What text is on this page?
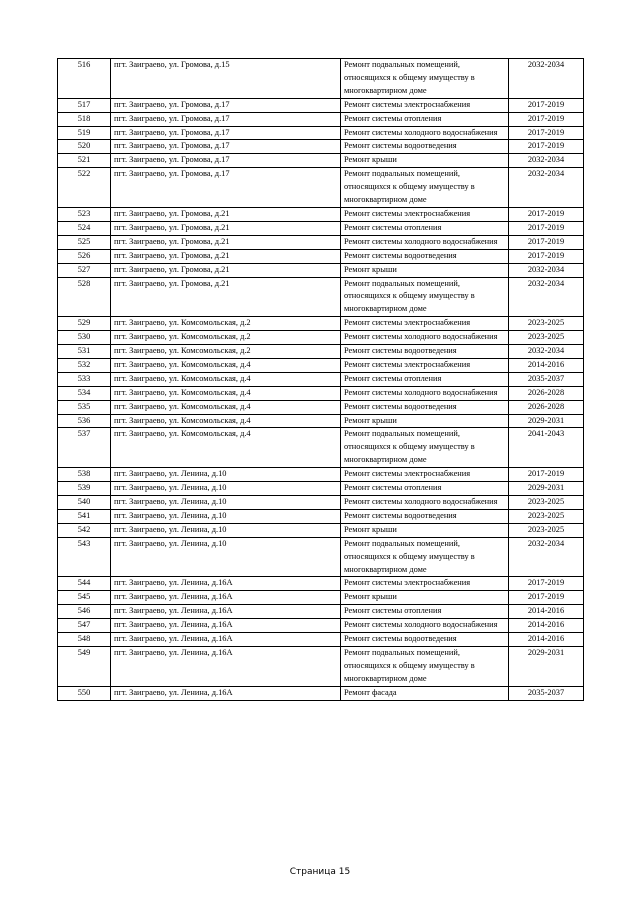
516	пгт. Заиграево, ул. Громова, д.15	Ремонт подвальных помещений, относящихся к общему имуществу в многоквартирном доме	2032-2034
517	пгт. Заиграево, ул. Громова, д.17	Ремонт системы электроснабжения	2017-2019
518	пгт. Заиграево, ул. Громова, д.17	Ремонт системы отопления	2017-2019
519	пгт. Заиграево, ул. Громова, д.17	Ремонт системы холодного водоснабжения	2017-2019
520	пгт. Заиграево, ул. Громова, д.17	Ремонт системы водоотведения	2017-2019
521	пгт. Заиграево, ул. Громова, д.17	Ремонт крыши	2032-2034
522	пгт. Заиграево, ул. Громова, д.17	Ремонт подвальных помещений, относящихся к общему имуществу в многоквартирном доме	2032-2034
523	пгт. Заиграево, ул. Громова, д.21	Ремонт системы электроснабжения	2017-2019
524	пгт. Заиграево, ул. Громова, д.21	Ремонт системы отопления	2017-2019
525	пгт. Заиграево, ул. Громова, д.21	Ремонт системы холодного водоснабжения	2017-2019
526	пгт. Заиграево, ул. Громова, д.21	Ремонт системы водоотведения	2017-2019
527	пгт. Заиграево, ул. Громова, д.21	Ремонт крыши	2032-2034
528	пгт. Заиграево, ул. Громова, д.21	Ремонт подвальных помещений, относящихся к общему имуществу в многоквартирном доме	2032-2034
529	пгт. Заиграево, ул. Комсомольская, д.2	Ремонт системы электроснабжения	2023-2025
530	пгт. Заиграево, ул. Комсомольская, д.2	Ремонт системы холодного водоснабжения	2023-2025
531	пгт. Заиграево, ул. Комсомольская, д.2	Ремонт системы водоотведения	2032-2034
532	пгт. Заиграево, ул. Комсомольская, д.4	Ремонт системы электроснабжения	2014-2016
533	пгт. Заиграево, ул. Комсомольская, д.4	Ремонт системы отопления	2035-2037
534	пгт. Заиграево, ул. Комсомольская, д.4	Ремонт системы холодного водоснабжения	2026-2028
535	пгт. Заиграево, ул. Комсомольская, д.4	Ремонт системы водоотведения	2026-2028
536	пгт. Заиграево, ул. Комсомольская, д.4	Ремонт крыши	2029-2031
537	пгт. Заиграево, ул. Комсомольская, д.4	Ремонт подвальных помещений, относящихся к общему имуществу в многоквартирном доме	2041-2043
538	пгт. Заиграево, ул. Ленина, д.10	Ремонт системы электроснабжения	2017-2019
539	пгт. Заиграево, ул. Ленина, д.10	Ремонт системы отопления	2029-2031
540	пгт. Заиграево, ул. Ленина, д.10	Ремонт системы холодного водоснабжения	2023-2025
541	пгт. Заиграево, ул. Ленина, д.10	Ремонт системы водоотведения	2023-2025
542	пгт. Заиграево, ул. Ленина, д.10	Ремонт крыши	2023-2025
543	пгт. Заиграево, ул. Ленина, д.10	Ремонт подвальных помещений, относящихся к общему имуществу в многоквартирном доме	2032-2034
544	пгт. Заиграево, ул. Ленина, д.16А	Ремонт системы электроснабжения	2017-2019
545	пгт. Заиграево, ул. Ленина, д.16А	Ремонт крыши	2017-2019
546	пгт. Заиграево, ул. Ленина, д.16А	Ремонт системы отопления	2014-2016
547	пгт. Заиграево, ул. Ленина, д.16А	Ремонт системы холодного водоснабжения	2014-2016
548	пгт. Заиграево, ул. Ленина, д.16А	Ремонт системы водоотведения	2014-2016
549	пгт. Заиграево, ул. Ленина, д.16А	Ремонт подвальных помещений, относящихся к общему имуществу в многоквартирном доме	2029-2031
550	пгт. Заиграево, ул. Ленина, д.16А	Ремонт фасада	2035-2037
Страница 15
